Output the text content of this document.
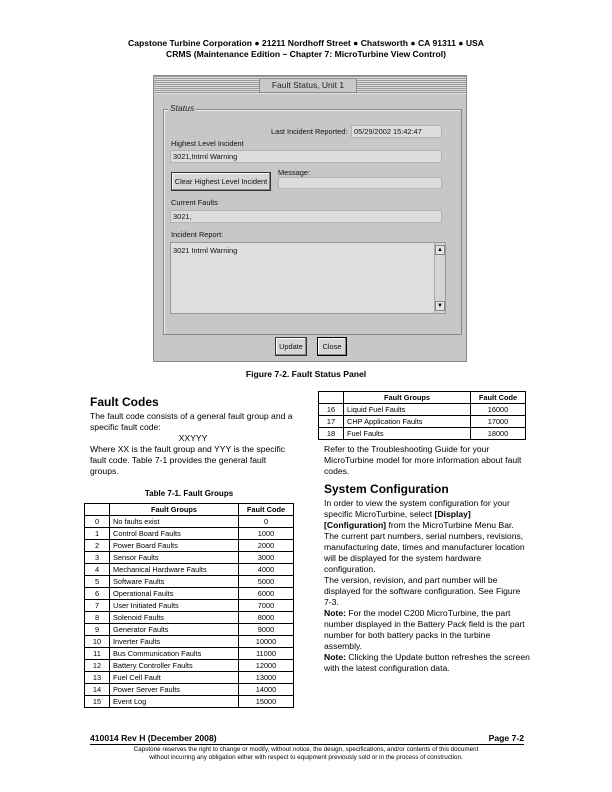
Capstone Turbine Corporation ● 21211 Nordhoff Street ● Chatsworth ● CA 91311 ● USA
CRMS (Maintenance Edition – Chapter 7: MicroTurbine View Control)
Fault Status, Unit 1
Status
Last Incident Reported: 05/29/2002 15:42:47
Highest Level Incident
3021,Intrnl Warning
Clear Highest Level Incident
Message:
Current Faults
3021,
Incident Report:
3021 Intrnl Warning	▲
▼
Update	Close
Figure 7-2. Fault Status Panel
Fault Codes
The fault code consists of a general fault group and a specific fault code:
XXYYY
Where XX is the fault group and YYY is the specific fault code. Table 7-1 provides the general fault groups.
Table 7-1. Fault Groups
	Fault Groups	Fault Code
0	No faults exist	0
1	Control Board Faults	1000
2	Power Board Faults	2000
3	Sensor Faults	3000
4	Mechanical Hardware Faults	4000
5	Software Faults	5000
6	Operational Faults	6000
7	User Initiated Faults	7000
8	Solenoid Faults	8000
9	Generator Faults	9000
10	Inverter Faults	10000
11	Bus Communication Faults	11000
12	Battery Controller Faults	12000
13	Fuel Cell Fault	13000
14	Power Server Faults	14000
15	Event Log	15000
	Fault Groups	Fault Code
16	Liquid Fuel Faults	16000
17	CHP Application Faults	17000
18	Fuel Faults	18000
Refer to the Troubleshooting Guide for your MicroTurbine model for more information about fault codes.
System Configuration
In order to view the system configuration for your specific MicroTurbine, select [Display] [Configuration] from the MicroTurbine Menu Bar.
The current part numbers, serial numbers, revisions, manufacturing date, times and manufacturer location will be displayed for the system hardware configuration.
The version, revision, and part number will be displayed for the software configuration. See Figure 7-3.
Note: For the model C200 MicroTurbine, the part number displayed in the Battery Pack field is the part number for both battery packs in the turbine assembly.
Note: Clicking the Update button refreshes the screen with the latest configuration data.
410014 Rev H (December 2008)	Page 7-2
Capstone reserves the right to change or modify, without notice, the design, specifications, and/or contents of this document
without incurring any obligation either with respect to equipment previously sold or in the process of construction.
